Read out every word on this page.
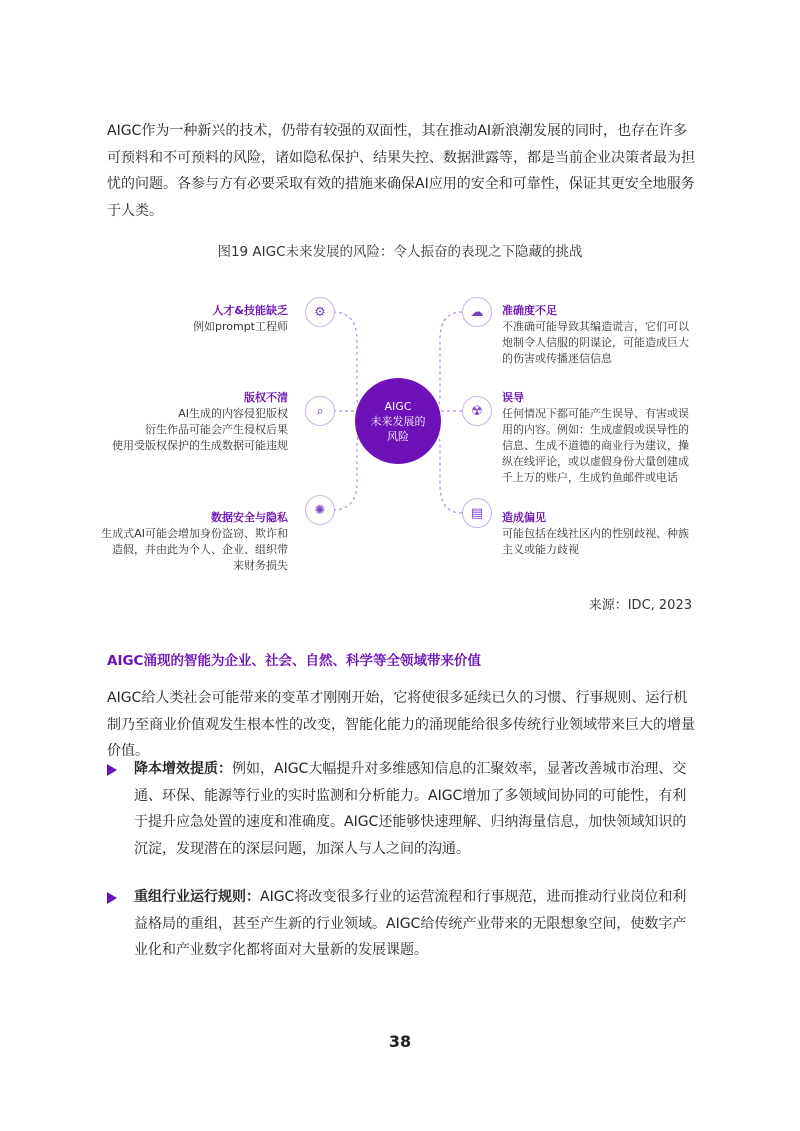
AIGC作为一种新兴的技术，仍带有较强的双面性，其在推动AI新浪潮发展的同时，也存在许多可预料和不可预料的风险，诸如隐私保护、结果失控、数据泄露等，都是当前企业决策者最为担忧的问题。各参与方有必要采取有效的措施来确保AI应用的安全和可靠性，保证其更安全地服务于人类。
图19 AIGC未来发展的风险：令人振奋的表现之下隐藏的挑战
AIGC
未来发展的
风险
⚙
⌕
✺
☁
☢
▤
人才&技能缺乏
例如prompt工程师
版权不清
AI生成的内容侵犯版权
衍生作品可能会产生侵权后果
使用受版权保护的生成数据可能违规
数据安全与隐私
生成式AI可能会增加身份盗窃、欺诈和
造假，并由此为个人、企业、组织带
来财务损失
准确度不足
不准确可能导致其编造谎言，它们可以
炮制令人信服的阴谋论，可能造成巨大
的伤害或传播迷信信息
误导
任何情况下都可能产生误导、有害或误
用的内容。例如：生成虚假或误导性的
信息、生成不道德的商业行为建议，操
纵在线评论，或以虚假身份大量创建成
千上万的账户，生成钓鱼邮件或电话
造成偏见
可能包括在线社区内的性别歧视、种族
主义或能力歧视
来源：IDC, 2023
AIGC涌现的智能为企业、社会、自然、科学等全领域带来价值
AIGC给人类社会可能带来的变革才刚刚开始，它将使很多延续已久的习惯、行事规则、运行机制乃至商业价值观发生根本性的改变，智能化能力的涌现能给很多传统行业领域带来巨大的增量价值。
降本增效提质：例如，AIGC大幅提升对多维感知信息的汇聚效率，显著改善城市治理、交通、环保、能源等行业的实时监测和分析能力。AIGC增加了多领域间协同的可能性，有利于提升应急处置的速度和准确度。AIGC还能够快速理解、归纳海量信息，加快领域知识的沉淀，发现潜在的深层问题，加深人与人之间的沟通。
重组行业运行规则：AIGC将改变很多行业的运营流程和行事规范，进而推动行业岗位和利益格局的重组，甚至产生新的行业领域。AIGC给传统产业带来的无限想象空间，使数字产业化和产业数字化都将面对大量新的发展课题。
38
